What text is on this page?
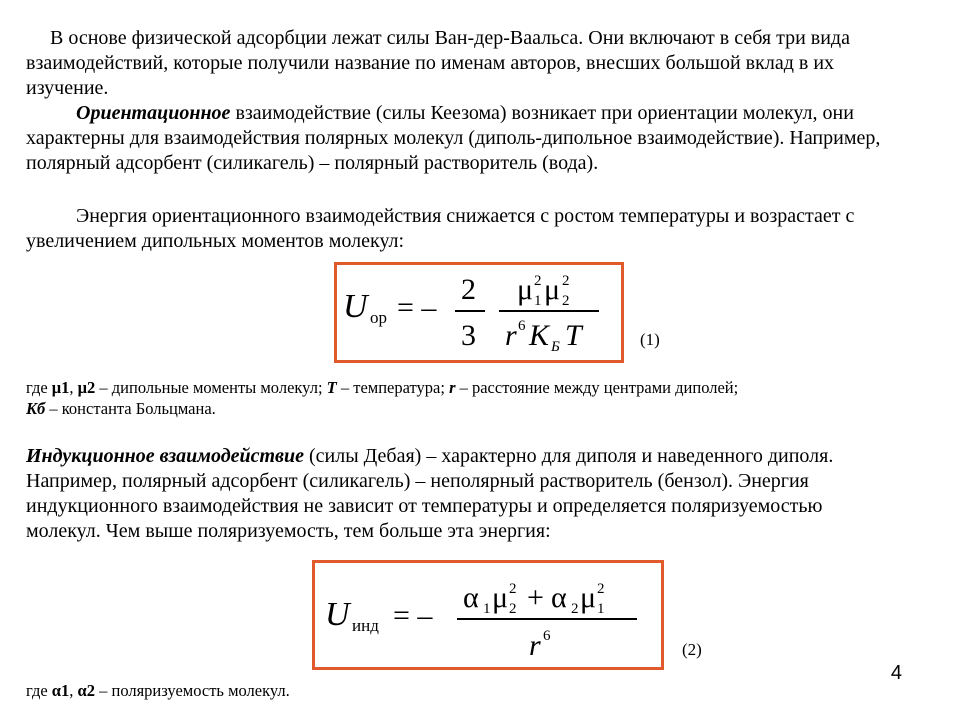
В основе физической адсорбции лежат силы Ван-дер-Ваальса. Они включают в себя три вида
взаимодействий, которые получили название по именам авторов, внесших большой вклад в их
изучение.
Ориентационное взаимодействие (силы Кеезома) возникает при ориентации молекул, они
характерны для взаимодействия полярных молекул (диполь-дипольное взаимодействие). Например,
полярный адсорбент (силикагель) – полярный растворитель (вода).
Энергия ориентационного взаимодействия снижается с ростом температуры и возрастает с
увеличением дипольных моментов молекул:
U ор = –
2
3
μ 2
1 μ 2
2
r 6 K Б T	(1)
где μ1, μ2 – дипольные моменты молекул; T – температура; r – расстояние между центрами диполей;
Kб – константа Больцмана.
Индукционное взаимодействие (силы Дебая) – характерно для диполя и наведенного диполя.
Например, полярный адсорбент (силикагель) – неполярный растворитель (бензол). Энергия
индукционного взаимодействия не зависит от температуры и определяется поляризуемостью
молекул. Чем выше поляризуемость, тем больше эта энергия:
U инд = –
α 1 μ 2
2 + α 2 μ 2
1
r 6
(2)
4
где α1, α2 – поляризуемость молекул.
